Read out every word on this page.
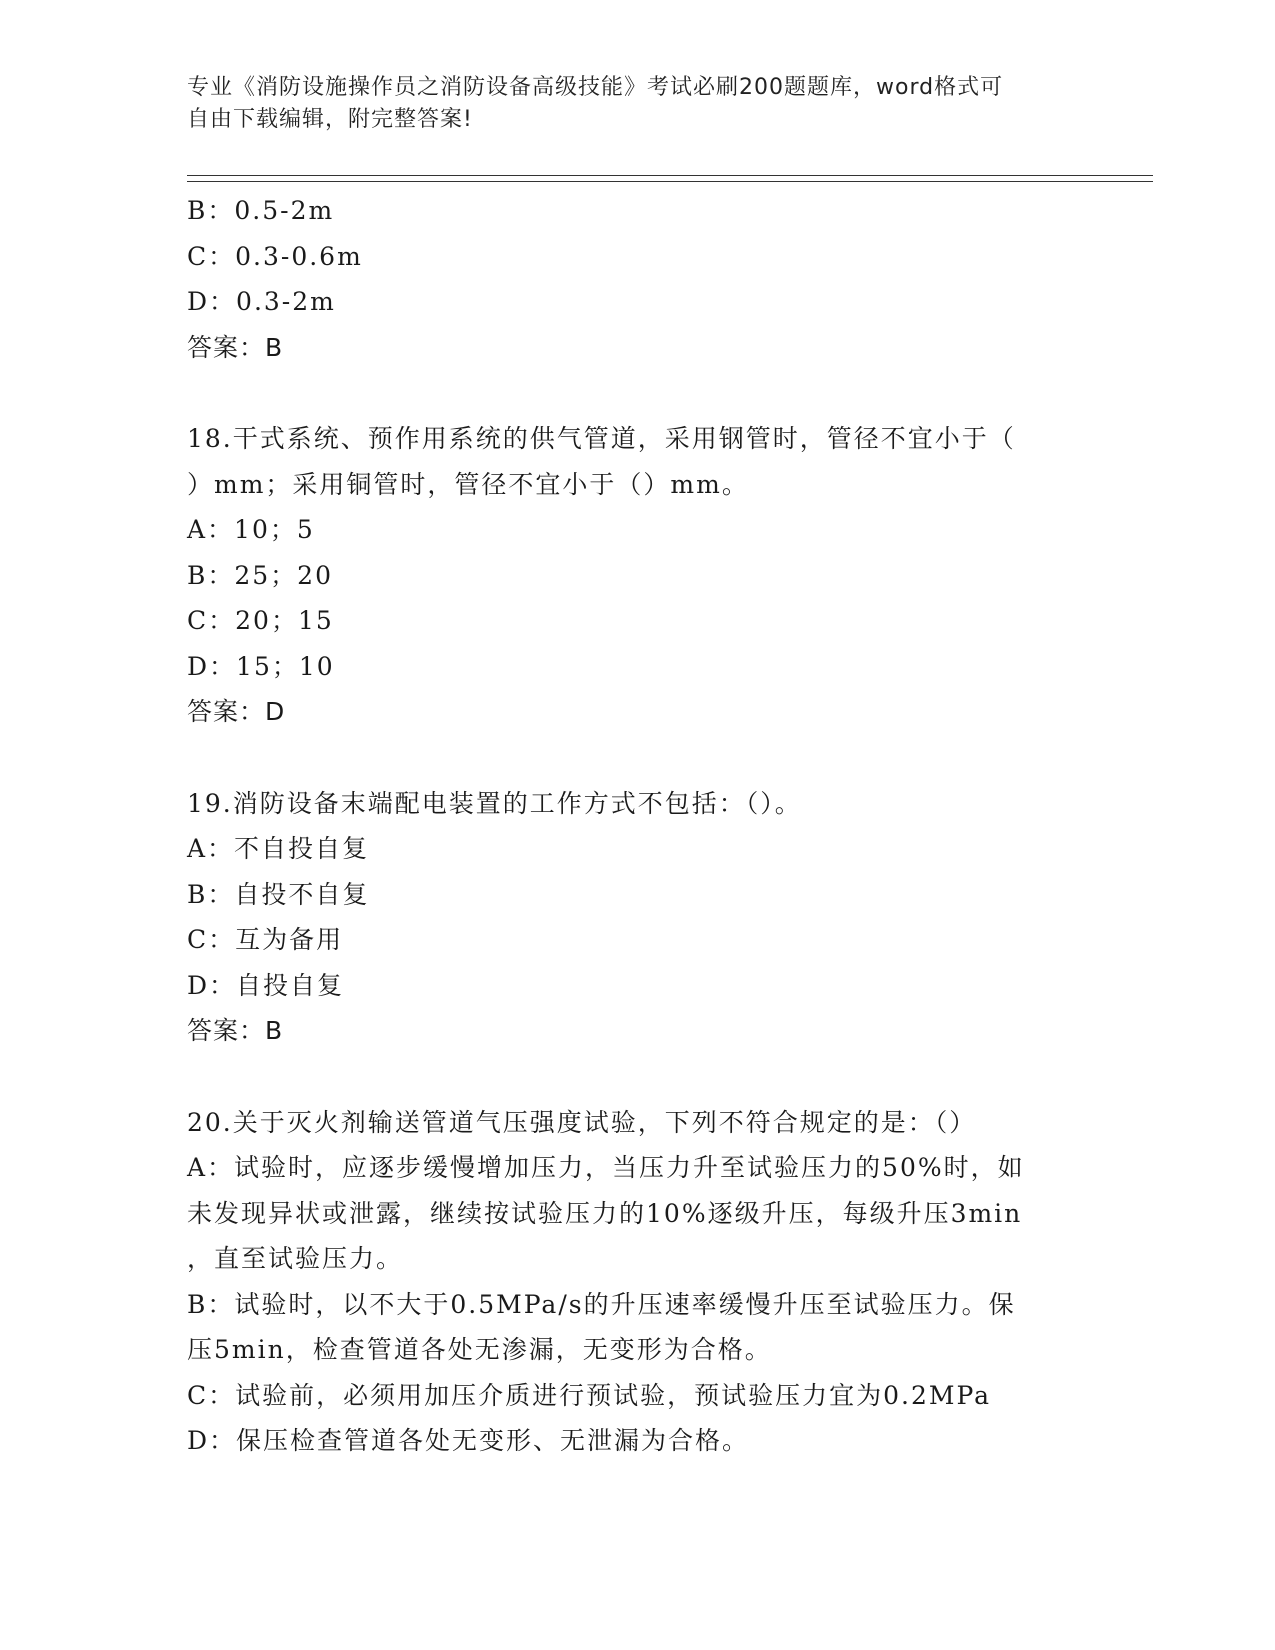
专业《消防设施操作员之消防设备高级技能》考试必刷200题题库，word格式可
自由下载编辑，附完整答案!
B：0.5-2m
C：0.3-0.6m
D：0.3-2m
答案：B
18.干式系统、预作用系统的供气管道，采用钢管时，管径不宜小于（
）mm；采用铜管时，管径不宜小于（）mm。
A：10；5
B：25；20
C：20；15
D：15；10
答案：D
19.消防设备末端配电装置的工作方式不包括：（）。
A：不自投自复
B：自投不自复
C：互为备用
D：自投自复
答案：B
20.关于灭火剂输送管道气压强度试验，下列不符合规定的是：（）
A：试验时，应逐步缓慢增加压力，当压力升至试验压力的50%时，如
未发现异状或泄露，继续按试验压力的10%逐级升压，每级升压3min
，直至试验压力。
B：试验时，以不大于0.5MPa/s的升压速率缓慢升压至试验压力。保
压5min，检查管道各处无渗漏，无变形为合格。
C：试验前，必须用加压介质进行预试验，预试验压力宜为0.2MPa
D：保压检查管道各处无变形、无泄漏为合格。
